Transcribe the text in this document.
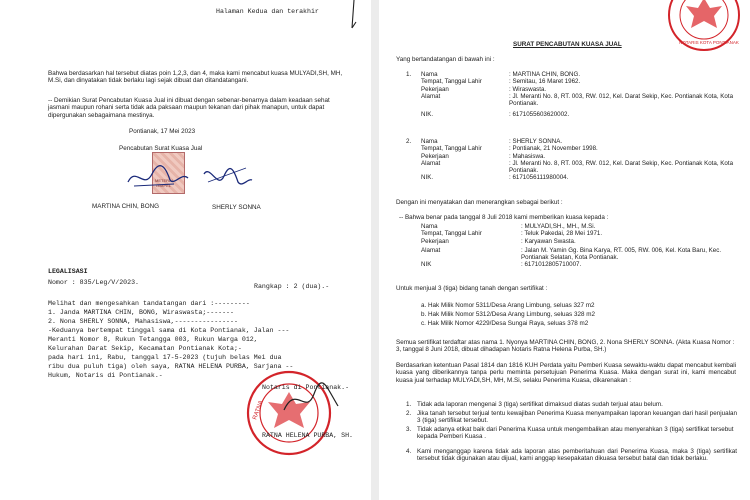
Halaman Kedua dan terakhir
Bahwa berdasarkan hal tersebut diatas poin 1,2,3, dan 4, maka kami mencabut kuasa MULYADI,SH, MH, M.Si, dan dinyatakan tidak berlaku lagi sejak dibuat dan ditandatangani.
-- Demikian Surat Pencabutan Kuasa Jual ini dibuat dengan sebenar-benarnya dalam keadaan sehat jasmani maupun rohani serta tidak ada paksaan maupun tekanan dari pihak manapun, untuk dapat dipergunakan sebagaimana mestinya.
Pontianak, 17 Mei 2023
Pencabutan Surat Kuasa Jual
METERAI TEMPEL
MARTINA CHIN, BONG	SHERLY SONNA
LEGALISASI
Nomor : 835/Leg/V/2023.
Rangkap : 2 (dua).-
Melihat dan mengesahkan tandatangan dari :---------
1. Janda MARTINA CHIN, BONG, Wiraswasta;-------
2. Nona SHERLY SONNA, Mahasiswa,----------------
-Keduanya bertempat tinggal sama di Kota Pontianak, Jalan ---
Meranti Nomor 8, Rukun Tetangga 003, Rukun Warga 012,
Kelurahan Darat Sekip, Kecamatan Pontianak Kota;-
pada hari ini, Rabu, tanggal 17-5-2023 (tujuh belas Mei dua
ribu dua puluh tiga) oleh saya, RATNA HELENA PURBA, Sarjana --
Hukum, Notaris di Pontianak.-
RATNA
Notaris di Pontianak.-
RATNA HELENA PURBA, SH.
NOTARIS KOTA PONTIANAK
SURAT PENCABUTAN KUASA JUAL
Yang bertandatangan di bawah ini :
1. Nama	: MARTINA CHIN, BONG.
Tempat, Tanggal Lahir	: Semitau, 16 Maret 1962.
Pekerjaan	: Wiraswasta.
Alamat	: Jl. Meranti No. 8, RT. 003, RW. 012, Kel. Darat Sekip, Kec. Pontianak Kota, Kota Pontianak.
NIK.	: 6171055603620002.
2. Nama	: SHERLY SONNA.
Tempat, Tanggal Lahir	: Pontianak, 21 November 1998.
Pekerjaan	: Mahasiswa.
Alamat	: Jl. Meranti No. 8, RT. 003, RW. 012, Kel. Darat Sekip, Kec. Pontianak Kota, Kota Pontianak.
NIK.	: 6171056111980004.
Dengan ini menyatakan dan menerangkan sebagai berikut :
-- Bahwa benar pada tanggal 8 Juli 2018 kami memberikan kuasa kepada :
Nama	: MULYADI,SH., MH., M.Si.
Tempat, Tanggal Lahir	: Teluk Pakedai, 28 Mei 1971.
Pekerjaan	: Karyawan Swasta.
Alamat	: Jalan M. Yamin Gg. Bina Karya, RT. 005, RW. 006, Kel. Kota Baru, Kec. Pontianak Selatan, Kota Pontianak.
NIK	: 6171012805710007.
Untuk menjual 3 (tiga) bidang tanah dengan sertifikat :
a. Hak Milik Nomor 5311/Desa Arang Limbung, seluas 327 m2
b. Hak Milik Nomor 5312/Desa Arang Limbung, seluas 328 m2
c. Hak Milik Nomor 4229/Desa Sungai Raya, seluas 378 m2
Semua sertifikat terdaftar atas nama 1. Nyonya MARTINA CHIN, BONG, 2. Nona SHERLY SONNA. (Akta Kuasa Nomor : 3, tanggal 8 Juni 2018, dibuat dihadapan Notaris Ratna Helena Purba, SH.)
Berdasarkan ketentuan Pasal 1814 dan 1816 KUH Perdata yaitu Pemberi Kuasa sewaktu-waktu dapat mencabut kembali kuasa yang diberikannya tanpa perlu meminta persetujuan Penerima Kuasa. Maka dengan surat ini, kami mencabut kuasa jual terhadap MULYADI,SH, MH, M.Si, selaku Penerima Kuasa, dikarenakan :
1. Tidak ada laporan mengenai 3 (tiga) sertifikat dimaksud diatas sudah terjual atau belum.
2. Jika tanah tersebut terjual tentu kewajiban Penerima Kuasa menyampaikan laporan keuangan dari hasil penjualan 3 (tiga) sertifikat tersebut.
3. Tidak adanya etikat baik dari Penerima Kuasa untuk mengembalikan atau menyerahkan 3 (tiga) sertifikat tersebut kepada Pemberi Kuasa .
4. Kami menganggap karena tidak ada laporan atas pemberitahuan dari Penerima Kuasa, maka 3 (tiga) sertifikat tersebut tidak digunakan atau dijual, kami anggap kesepakatan dikuasa tersebut batal dan tidak berlaku.
